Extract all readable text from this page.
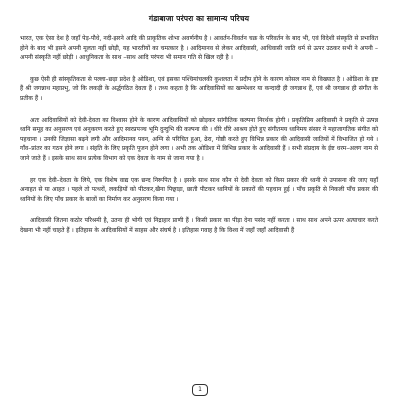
गंडाबाजा परंपरा का सामान्य परिचय

भारत, एक ऐसा देश है जहाँ पेड़-पौधे, नदी-झरने आदि की प्राकृतिक शोभा अवर्णनीय है । आवर्तन-विवर्तन चक्र के परिवर्तन के बाद भी, एवं विदेशी संस्कृति से प्रभावित होने के बाद भी इसने अपनी मूलता नहीं छोड़ी, यह भारतीयों का चमत्कार है । आदिमानव से लेकर आदिवासी, आधिवासी जाति धर्म से ऊपर उठकर सभी ने अपनी – अपनी संस्कृति नहीं छोड़ी । आधुनिकता के साथ –साथ आदि परंपरा भी समान गति से खिल रही है ।

कुछ ऐसी ही सांस्कृतिकता से पल्ला–छड़ा प्रदेश है ओडिशा, एवं इसका पश्चिमांचलकी कुशलता में प्रदीप होने के कारण कोसल नाम से विख्यात है । ओडिशा के इष्ट हैं श्री जगन्नाथ महाप्रभु, जो कि लकड़ी के अर्द्धगठित देवता हैं । तथ्य कहता है कि आदिवासियों का खम्भेश्वर या कन्दादी ही जगन्नाथ हैं, एवं श्री जगन्नाथ ही संगीत के प्रतीक हैं ।

अतः आदिवासियों को देवी-देवता का विश्वास होने के कारण आदिवासियों को छोड़कर सांगीतिक कल्पना निरर्थक होगी । प्रकृतिप्रिय आदिवासी ने प्रकृति से उत्पन्न ध्वनि समूह का अनुसरण एवं अनुकरण करते हुए स्वरप्रपञ्च भूमि दुन्दुभि की कल्पना की । धीरे धीरे आश्रय होते हुए संगीतमय ध्वनिमय संसार ने महाजागतिक संगीत को पहचाना । उनकी जिज्ञासा बढ़ने लगी और आदिमानव पवन, अग्नि से परिचित हुआ, ढेरा, गोष्ठी करते हुए विभिन्न प्रकार की आदिवासी जातियों में विभाजित हो गये । गाँव–प्रांतर का गठन होने लगा । संहति के लिए प्रकृति पूजन होने लगा । अभी तक ओडिशा में विभिन्न प्रकार के आदिवासी हैं । सभी संप्रदाय के ईष्ट धरम–अलग नाम से जाने जाते हैं । इसके साथ साथ प्रत्येक विभाग को एक देवता के नाम से जाना गया है ।

हर एक देवी–देवता के लिये, एक विशेष वाद्य एक छन्द निरूपित है । इसके साथ साथ कौन से देवी देवता को किस प्रकार की ध्वनी से उपासना की जाए यहाँ अनाहत से या आहत । पहले तो पत्थरों, लकड़ियों को पीटकर,खैना पिछ्वाड़ा, छाती पीटकर ध्वनियों के प्रकारों की पहचान हुई । पाँच प्रकृति से निकली पाँच प्रकार की ध्वनियों के लिए पाँच प्रकार के बाजों का निर्माण कर अनुसरण किया गया ।

आदिवासी जितना कठोर परिश्रमी है, उतना ही भोगी एवं निद्राहार प्राणी हैं । किसी प्रकार का पीड़ा देना पसंद नहीं करता । साथ साथ अपने ऊपर अत्याचार करते देखना भी नहीं चाहते हैं । इतिहास के आदिवासियों में साहस और संघर्ष है । इतिहास गवाह है कि विश्व में जहाँ जहाँ आदिवासी हैं

1
